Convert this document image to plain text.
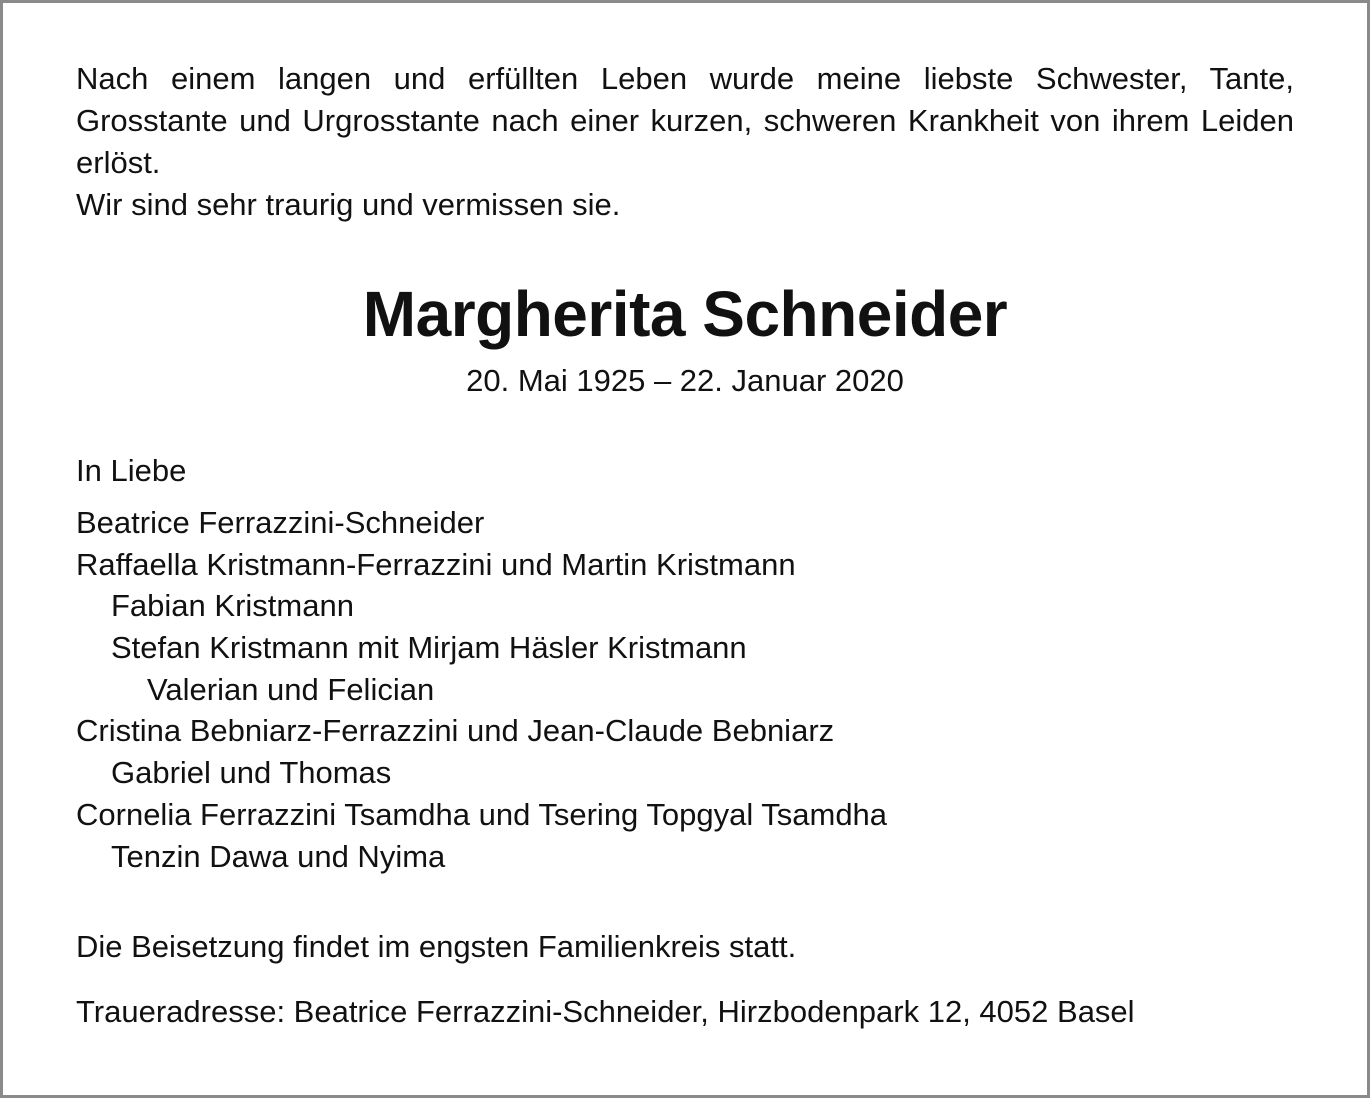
Nach einem langen und erfüllten Leben wurde meine liebste Schwester, Tante, Grosstante und Urgrosstante nach einer kurzen, schweren Krankheit von ihrem Leiden erlöst.

Wir sind sehr traurig und vermissen sie.

Margherita Schneider
20. Mai 1925 – 22. Januar 2020
In Liebe
Beatrice Ferrazzini-Schneider
Raffaella Kristmann-Ferrazzini und Martin Kristmann
Fabian Kristmann
Stefan Kristmann mit Mirjam Häsler Kristmann
Valerian und Felician
Cristina Bebniarz-Ferrazzini und Jean-Claude Bebniarz
Gabriel und Thomas
Cornelia Ferrazzini Tsamdha und Tsering Topgyal Tsamdha
Tenzin Dawa und Nyima
Die Beisetzung findet im engsten Familienkreis statt.
Traueradresse: Beatrice Ferrazzini-Schneider, Hirzbodenpark 12, 4052 Basel
